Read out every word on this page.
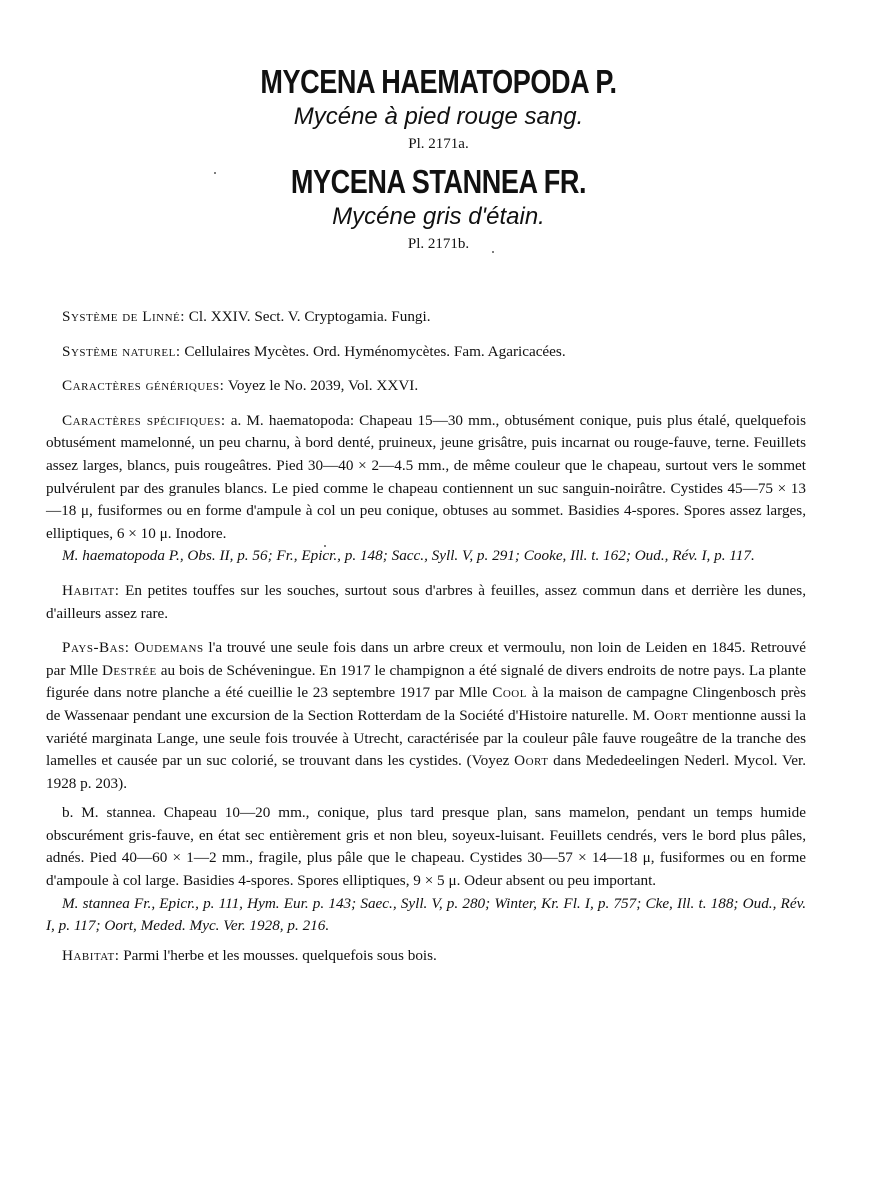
MYCENA HAEMATOPODA P.
Mycéne à pied rouge sang.
Pl. 2171a.
MYCENA STANNEA FR.
Mycéne gris d'étain.
Pl. 2171b.

Système de Linné: Cl. XXIV. Sect. V. Cryptogamia. Fungi.

Système naturel: Cellulaires Mycètes. Ord. Hyménomycètes. Fam. Agaricacées.

Caractères génériques: Voyez le No. 2039, Vol. XXVI.

Caractères spécifiques: a. M. haematopoda: Chapeau 15—30 mm., obtusément conique, puis plus étalé, quelquefois obtusément mamelonné, un peu charnu, à bord denté, pruineux, jeune grisâtre, puis incarnat ou rouge-fauve, terne. Feuillets assez larges, blancs, puis rougeâtres. Pied 30—40 × 2—4.5 mm., de même couleur que le chapeau, surtout vers le sommet pulvérulent par des granules blancs. Le pied comme le chapeau contiennent un suc sanguin-noirâtre. Cystides 45—75 × 13—18 μ, fusiformes ou en forme d'ampule à col un peu conique, obtuses au sommet. Basidies 4-spores. Spores assez larges, elliptiques, 6 × 10 μ. Inodore.

M. haematopoda P., Obs. II, p. 56; Fr., Epicr., p. 148; Sacc., Syll. V, p. 291; Cooke, Ill. t. 162; Oud., Rév. I, p. 117.

Habitat: En petites touffes sur les souches, surtout sous d'arbres à feuilles, assez commun dans et derrière les dunes, d'ailleurs assez rare.

Pays-Bas: Oudemans l'a trouvé une seule fois dans un arbre creux et vermoulu, non loin de Leiden en 1845. Retrouvé par Mlle Destrée au bois de Schéveningue. En 1917 le champignon a été signalé de divers endroits de notre pays. La plante figurée dans notre planche a été cueillie le 23 septembre 1917 par Mlle Cool à la maison de campagne Clingenbosch près de Wassenaar pendant une excursion de la Section Rotterdam de la Société d'Histoire naturelle. M. Oort mentionne aussi la variété marginata Lange, une seule fois trouvée à Utrecht, caractérisée par la couleur pâle fauve rougeâtre de la tranche des lamelles et causée par un suc colorié, se trouvant dans les cystides. (Voyez Oort dans Mededeelingen Nederl. Mycol. Ver. 1928 p. 203).

b. M. stannea. Chapeau 10—20 mm., conique, plus tard presque plan, sans mamelon, pendant un temps humide obscurément gris-fauve, en état sec entièrement gris et non bleu, soyeux-luisant. Feuillets cendrés, vers le bord plus pâles, adnés. Pied 40—60 × 1—2 mm., fragile, plus pâle que le chapeau. Cystides 30—57 × 14—18 μ, fusiformes ou en forme d'ampoule à col large. Basidies 4-spores. Spores elliptiques, 9 × 5 μ. Odeur absent ou peu important.

M. stannea Fr., Epicr., p. 111, Hym. Eur. p. 143; Saec., Syll. V, p. 280; Winter, Kr. Fl. I, p. 757; Cke, Ill. t. 188; Oud., Rév. I, p. 117; Oort, Meded. Myc. Ver. 1928, p. 216.

Habitat: Parmi l'herbe et les mousses. quelquefois sous bois.
